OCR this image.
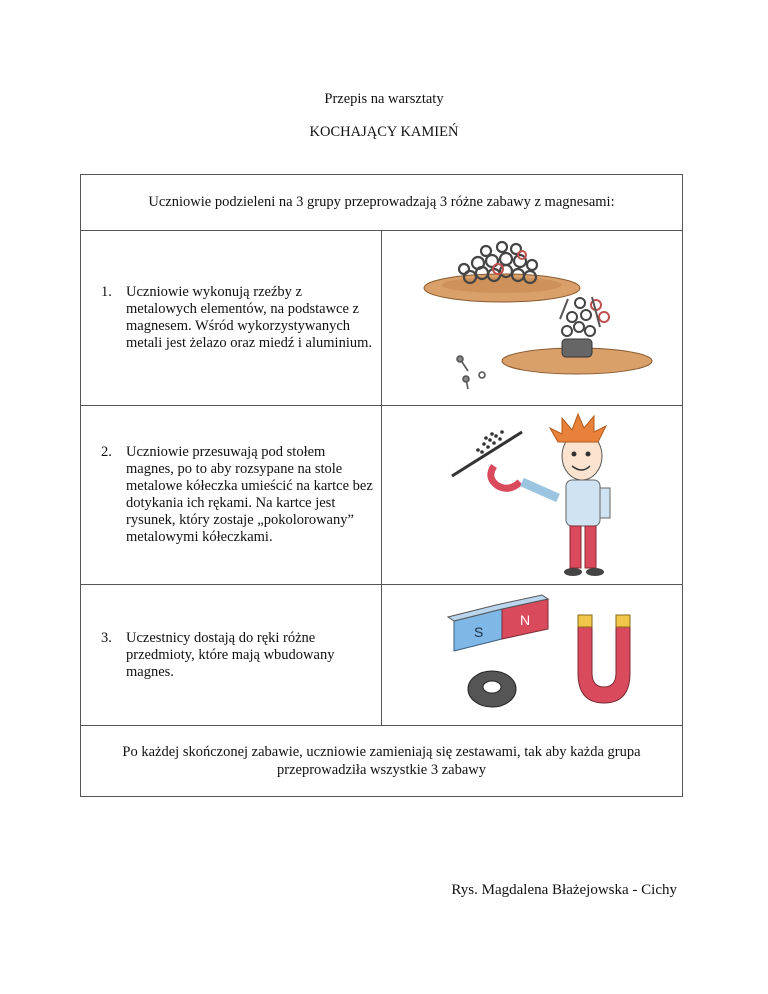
Przepis na warsztaty
KOCHAJĄCY KAMIEŃ
Uczniowie podzieleni na 3 grupy przeprowadzają 3 różne zabawy z magnesami:	

1. Uczniowie wykonują rzeźby z metalowych elementów, na podstawce z magnesem. Wśród wykorzystywanych metali jest żelazo oraz miedź i aluminium.

2. Uczniowie przesuwają pod stołem magnes, po to aby rozsypane na stole metalowe kółeczka umieścić na kartce bez dotykania ich rękami. Na kartce jest rysunek, który zostaje „pokolorowany” metalowymi kółeczkami.

3. Uczestnicy dostają do ręki różne przedmioty, które mają wbudowany magnes.	S
N

Po każdej skończonej zabawie, uczniowie zamieniają się zestawami, tak aby każda grupa przeprowadziła wszystkie 3 zabawy	
Rys. Magdalena Błażejowska - Cichy
